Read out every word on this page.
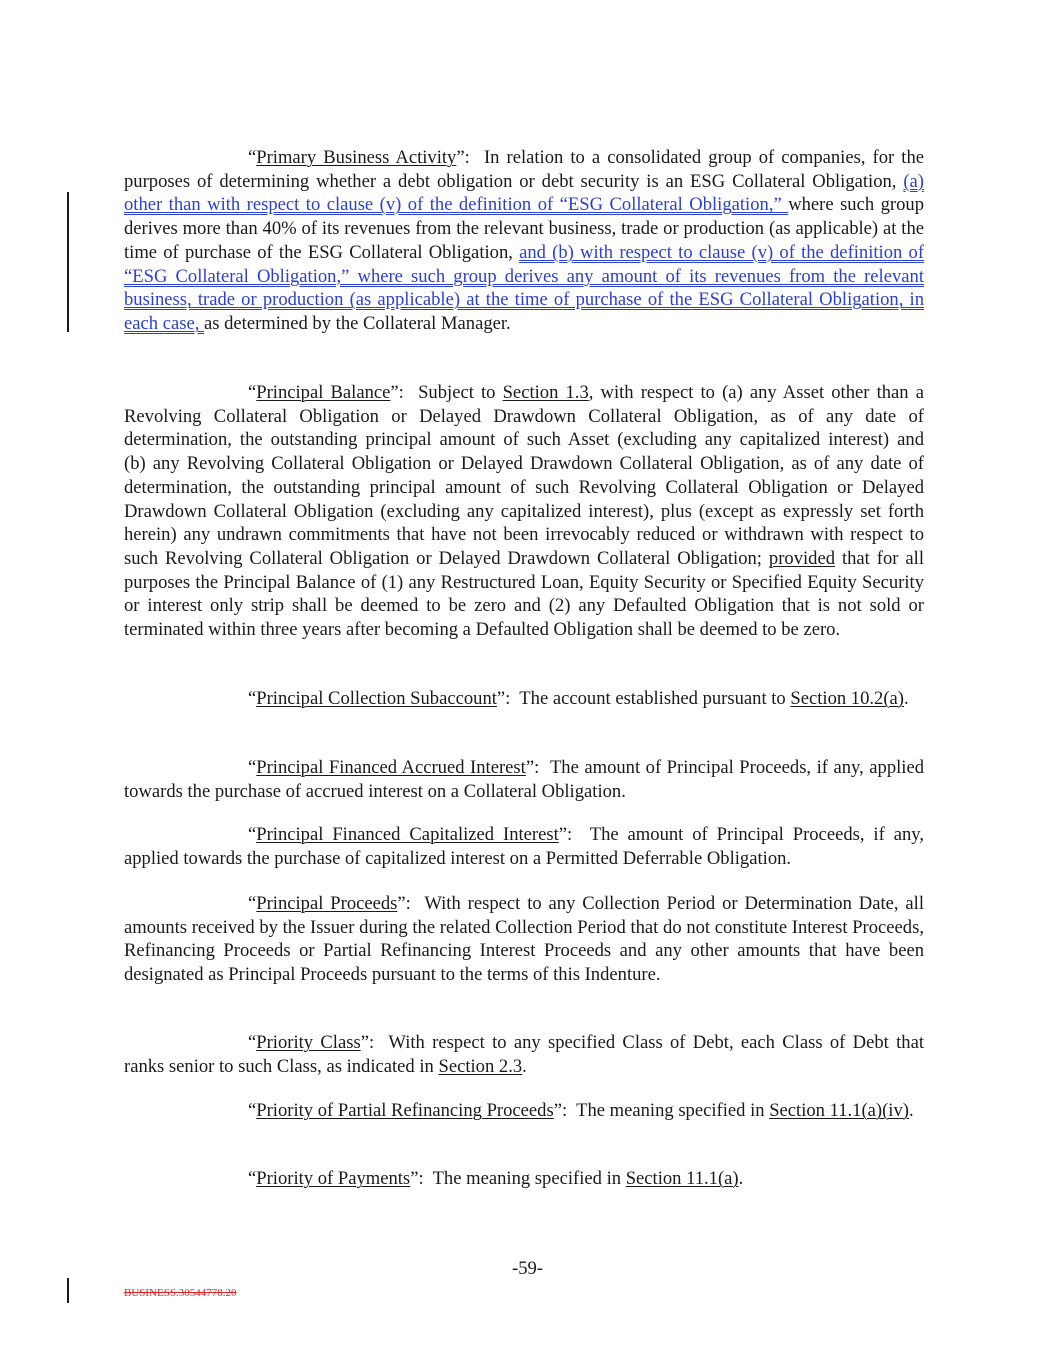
“Primary Business Activity”:  In relation to a consolidated group of companies, for the purposes of determining whether a debt obligation or debt security is an ESG Collateral Obligation, (a) other than with respect to clause (v) of the definition of “ESG Collateral Obligation,” where such group derives more than 40% of its revenues from the relevant business, trade or production (as applicable) at the time of purchase of the ESG Collateral Obligation, and (b) with respect to clause (v) of the definition of “ESG Collateral Obligation,” where such group derives any amount of its revenues from the relevant business, trade or production (as applicable) at the time of purchase of the ESG Collateral Obligation, in each case, as determined by the Collateral Manager.
“Principal Balance”:  Subject to Section 1.3, with respect to (a) any Asset other than a Revolving Collateral Obligation or Delayed Drawdown Collateral Obligation, as of any date of determination, the outstanding principal amount of such Asset (excluding any capitalized interest) and (b) any Revolving Collateral Obligation or Delayed Drawdown Collateral Obligation, as of any date of determination, the outstanding principal amount of such Revolving Collateral Obligation or Delayed Drawdown Collateral Obligation (excluding any capitalized interest), plus (except as expressly set forth herein) any undrawn commitments that have not been irrevocably reduced or withdrawn with respect to such Revolving Collateral Obligation or Delayed Drawdown Collateral Obligation; provided that for all purposes the Principal Balance of (1) any Restructured Loan, Equity Security or Specified Equity Security or interest only strip shall be deemed to be zero and (2) any Defaulted Obligation that is not sold or terminated within three years after becoming a Defaulted Obligation shall be deemed to be zero.
“Principal Collection Subaccount”:  The account established pursuant to Section 10.2(a).
“Principal Financed Accrued Interest”:  The amount of Principal Proceeds, if any, applied towards the purchase of accrued interest on a Collateral Obligation.
“Principal Financed Capitalized Interest”:  The amount of Principal Proceeds, if any, applied towards the purchase of capitalized interest on a Permitted Deferrable Obligation.
“Principal Proceeds”:  With respect to any Collection Period or Determination Date, all amounts received by the Issuer during the related Collection Period that do not constitute Interest Proceeds, Refinancing Proceeds or Partial Refinancing Interest Proceeds and any other amounts that have been designated as Principal Proceeds pursuant to the terms of this Indenture.
“Priority Class”:  With respect to any specified Class of Debt, each Class of Debt that ranks senior to such Class, as indicated in Section 2.3.
“Priority of Partial Refinancing Proceeds”:  The meaning specified in Section 11.1(a)(iv).
“Priority of Payments”:  The meaning specified in Section 11.1(a).
-59-
BUSINESS.30544778.20
